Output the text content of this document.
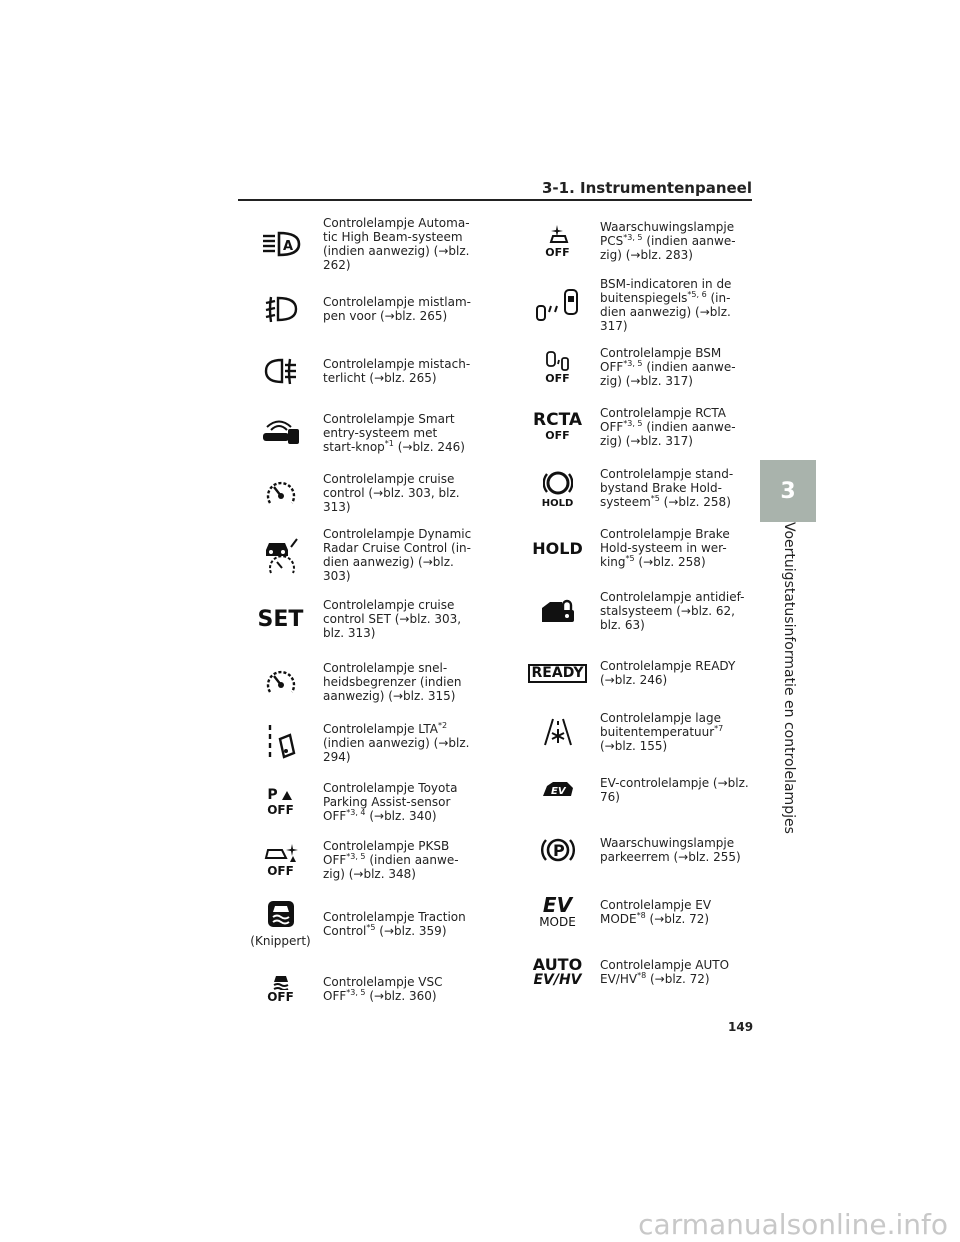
3-1. Instrumentenpaneel
3
Voertuigstatusinformatie en controlelampjes
A
Controlelampje Automa-tic High Beam-systeem (indien aanwezig) (→blz. 262)
Controlelampje mistlam-pen voor (→blz. 265)
Controlelampje mistach-terlicht (→blz. 265)
Controlelampje Smart entry-systeem met start-knop$^{*1}$ (→blz. 246)
Controlelampje cruise control (→blz. 303, blz. 313)
Controlelampje Dynamic Radar Cruise Control (in-dien aanwezig) (→blz. 303)
SET
Controlelampje cruise control SET (→blz. 303, blz. 313)
Controlelampje snel-heidsbegrenzer (indien aanwezig) (→blz. 315)
Controlelampje LTA$^{*2}$ (indien aanwezig) (→blz. 294)
P
OFF
Controlelampje Toyota Parking Assist-sensor OFF$^{*3, 4}$ (→blz. 340)
OFF
Controlelampje PKSB OFF$^{*3, 5}$ (indien aanwe-zig) (→blz. 348)
(Knippert)
Controlelampje Traction Control$^{*5}$ (→blz. 359)
OFF
Controlelampje VSC OFF$^{*3, 5}$ (→blz. 360)
OFF
Waarschuwingslampje PCS$^{*3, 5}$ (indien aanwe-zig) (→blz. 283)
BSM-indicatoren in de buitenspiegels$^{*5, 6}$ (in-dien aanwezig) (→blz. 317)
OFF
Controlelampje BSM OFF$^{*3, 5}$ (indien aanwe-zig) (→blz. 317)
RCTA
OFF
Controlelampje RCTA OFF$^{*3, 5}$ (indien aanwe-zig) (→blz. 317)
HOLD
Controlelampje stand-bystand Brake Hold-systeem$^{*5}$ (→blz. 258)
HOLD
Controlelampje Brake Hold-systeem in wer-king$^{*5}$ (→blz. 258)
Controlelampje antidief-stalsysteem (→blz. 62, blz. 63)
READY	Controlelampje READY (→blz. 246)
Controlelampje lage buitentemperatuur$^{*7}$ (→blz. 155)
EV
EV-controlelampje (→blz. 76)
P	Waarschuwingslampje parkeerrem (→blz. 255)
EV
MODE
Controlelampje EV MODE$^{*8}$ (→blz. 72)
AUTO
EV/HV
Controlelampje AUTO EV/HV$^{*8}$ (→blz. 72)
149
carmanualsonline.info
